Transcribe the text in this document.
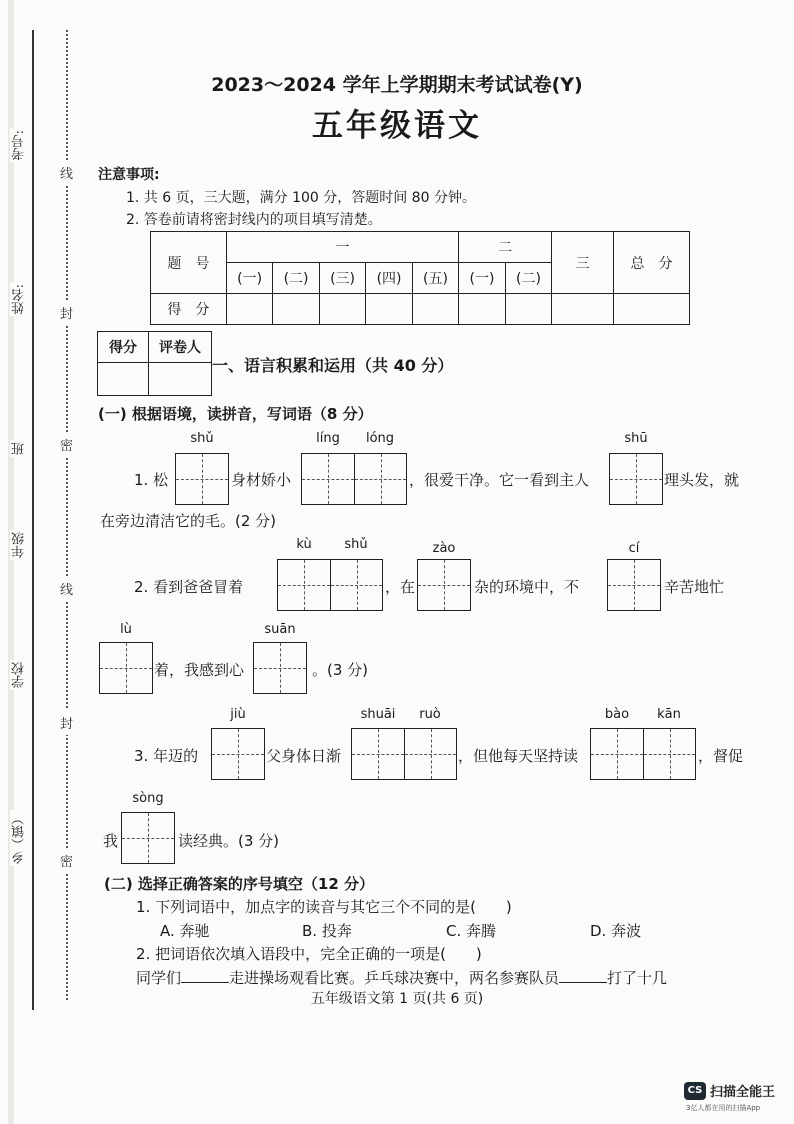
考号:
姓名:
班
年级
学校
乡（镇）
线
封
密
线
封
密
2023～2024 学年上学期期末考试试卷(Y)
五年级语文
注意事项:
1. 共 6 页，三大题，满分 100 分，答题时间 80 分钟。
2. 答卷前请将密封线内的项目填写清楚。
题　号	一					二		三	总　分
	(一)	(二)	(三)	(四)	(五)	(一)	(二)		
得　分									
得分	评卷人

一、语言积累和运用（共 40 分）
(一) 根据语境，读拼音，写词语（8 分）
shǔ	líng	lóng	shū
1. 松	身材娇小	，很爱干净。它一看到主人	理头发，就
在旁边清洁它的毛。(2 分)
kù	shǔ	zào	cí
2. 看到爸爸冒着	，在	杂的环境中，不	辛苦地忙
lù	suān
着，我感到心	。(3 分)
jiù	shuāi	ruò	bào	kān
3. 年迈的	父身体日渐	，但他每天坚持读	，督促
sòng
我	读经典。(3 分)
(二) 选择正确答案的序号填空（12 分）
1. 下列词语中，加点字的读音与其它三个不同的是(　　)
A. 奔驰	B. 投奔	C. 奔腾	D. 奔波
2. 把词语依次填入语段中，完全正确的一项是(　　)
同学们	走进操场观看比赛。乒乓球决赛中，两名参赛队员	打了十几
五年级语文第 1 页(共 6 页)
CS 扫描全能王
3亿人都在用的扫描App
